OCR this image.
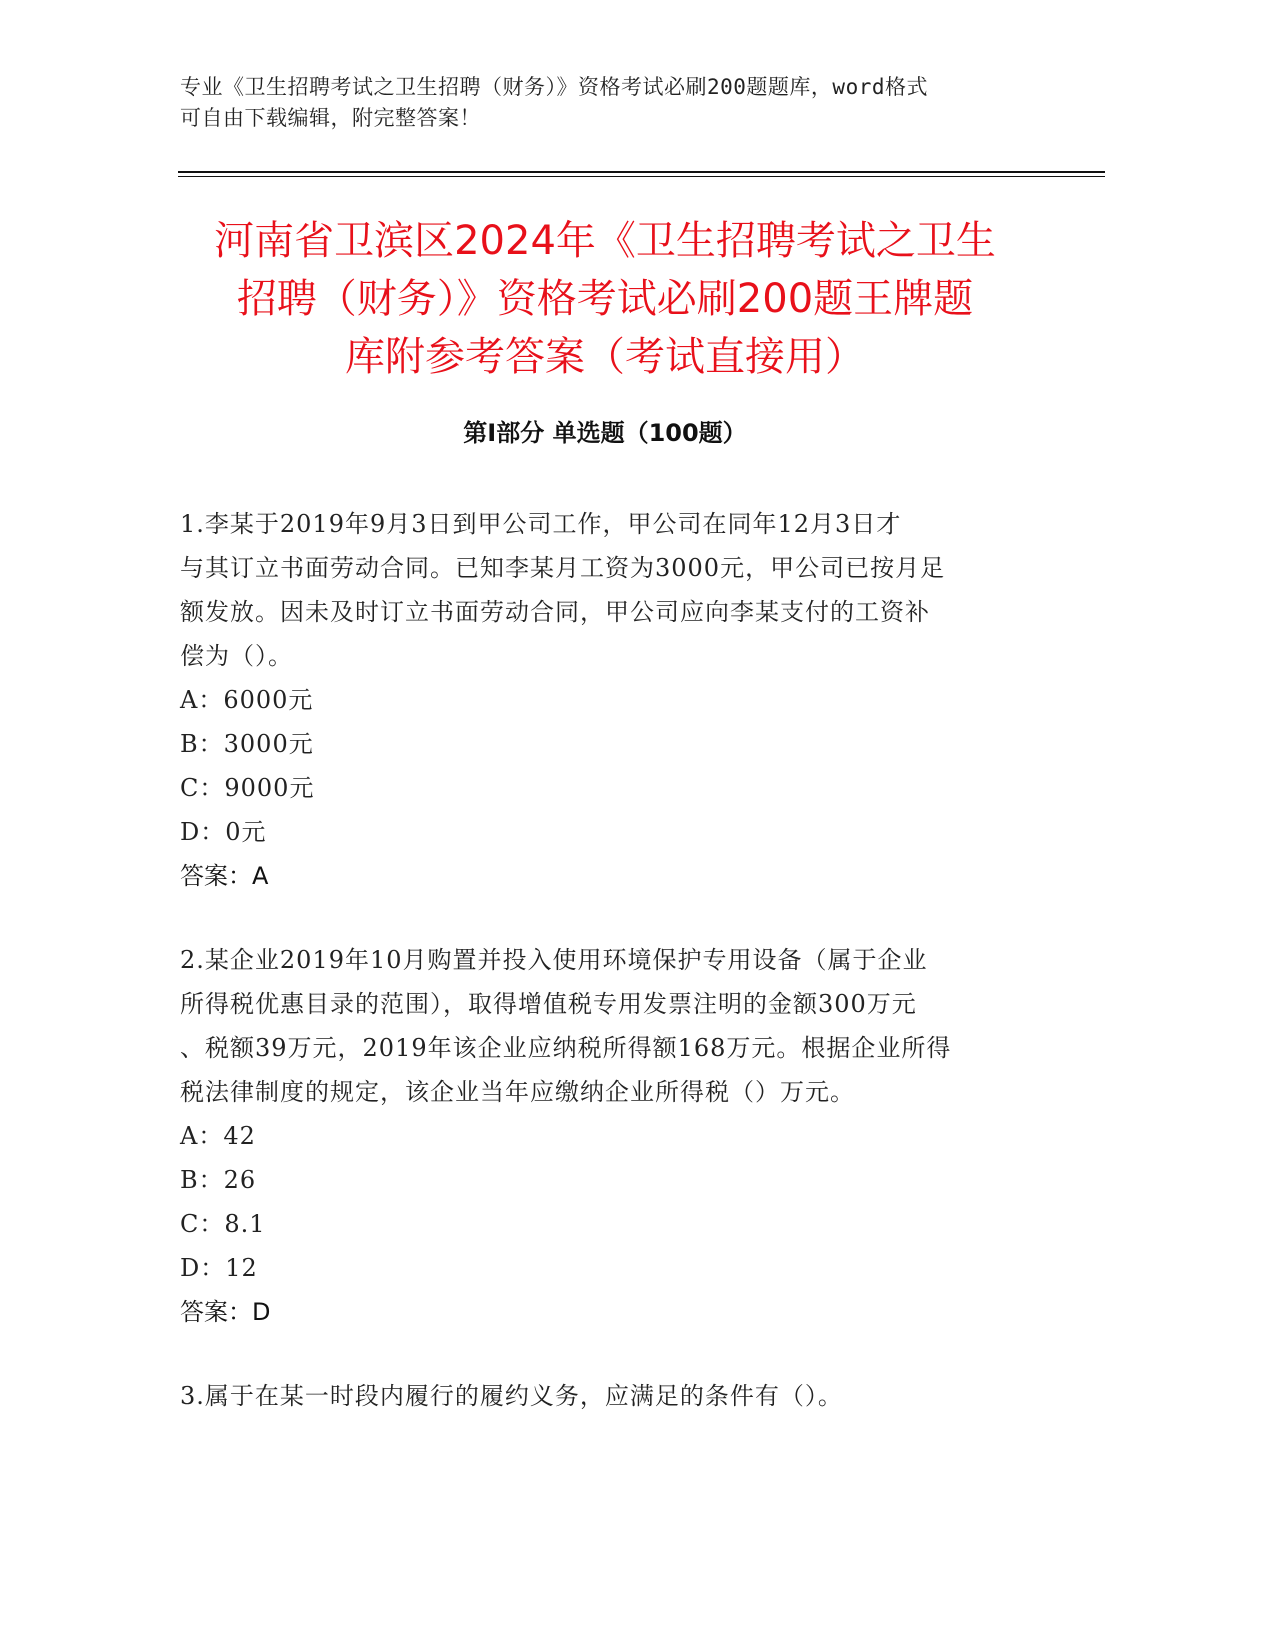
专业《卫生招聘考试之卫生招聘（财务）》资格考试必刷200题题库，word格式
可自由下载编辑，附完整答案！
河南省卫滨区2024年《卫生招聘考试之卫生
招聘（财务）》资格考试必刷200题王牌题
库附参考答案（考试直接用）
第I部分 单选题（100题）
1.李某于2019年9月3日到甲公司工作，甲公司在同年12月3日才
与其订立书面劳动合同。已知李某月工资为3000元，甲公司已按月足
额发放。因未及时订立书面劳动合同，甲公司应向李某支付的工资补
偿为（）。
A：6000元
B：3000元
C：9000元
D：0元
答案：A
2.某企业2019年10月购置并投入使用环境保护专用设备（属于企业
所得税优惠目录的范围），取得增值税专用发票注明的金额300万元
、税额39万元，2019年该企业应纳税所得额168万元。根据企业所得
税法律制度的规定，该企业当年应缴纳企业所得税（）万元。
A：42
B：26
C：8.1
D：12
答案：D
3.属于在某一时段内履行的履约义务，应满足的条件有（）。
